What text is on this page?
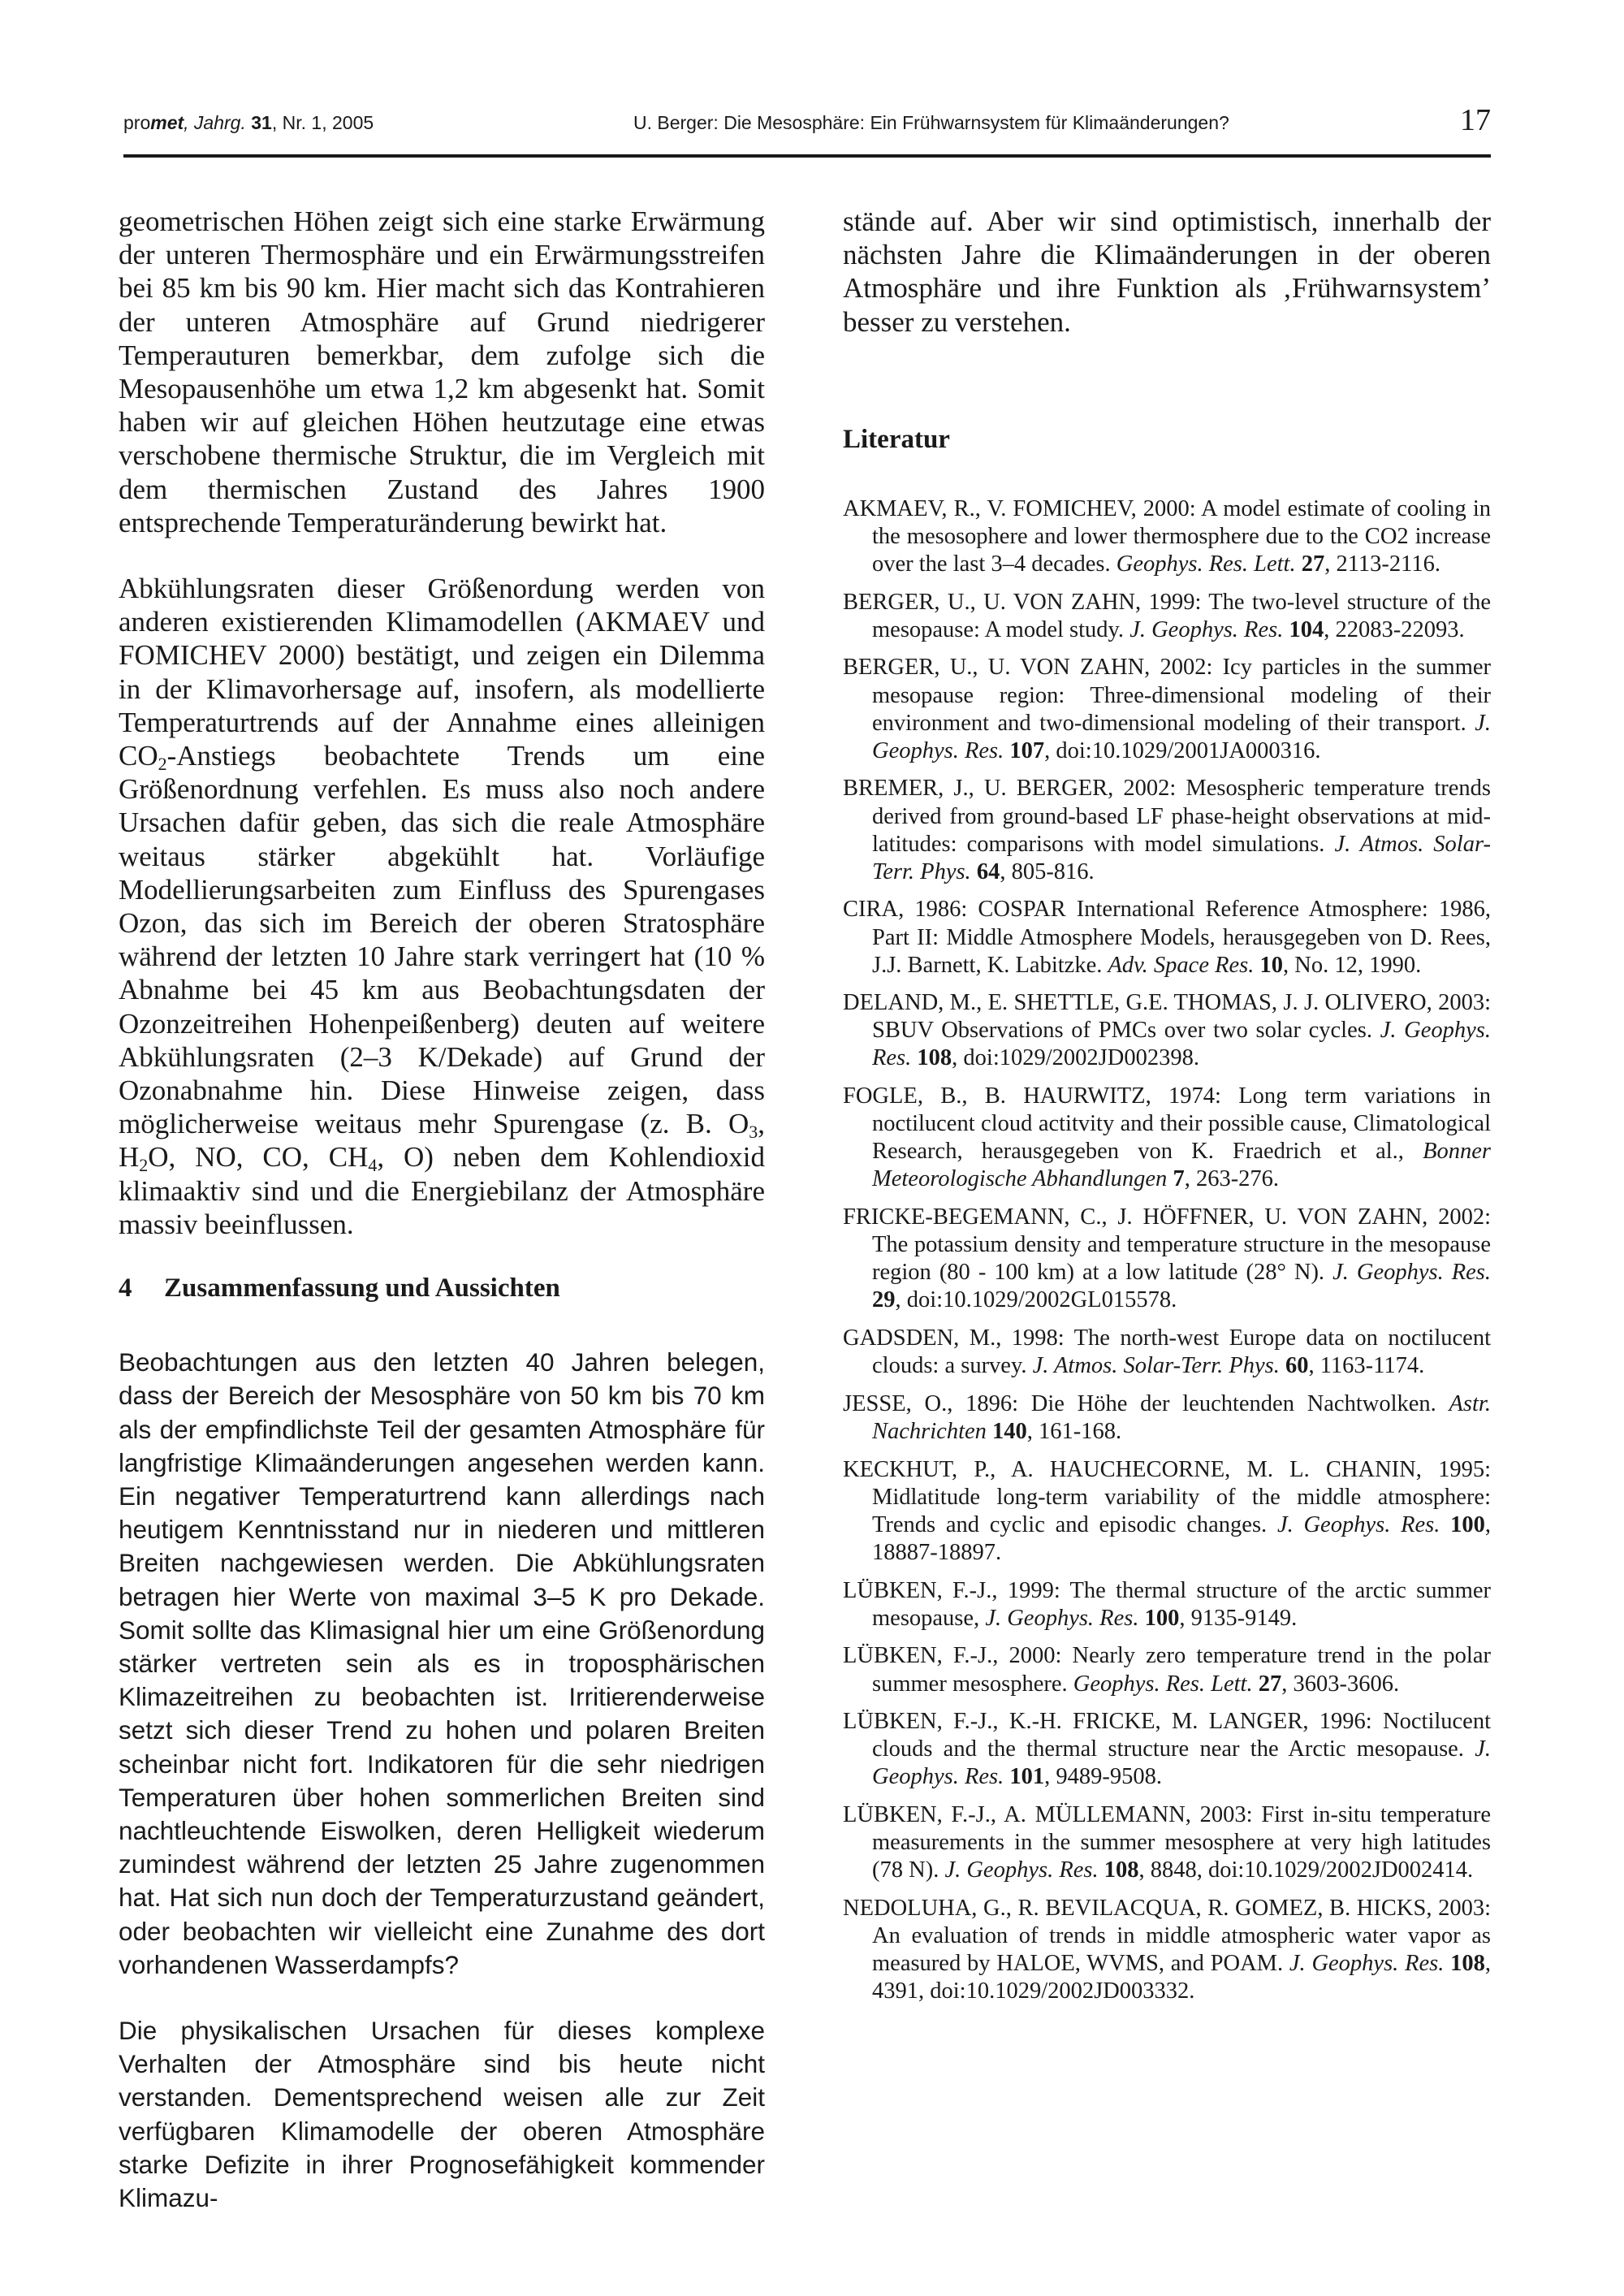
promet, Jahrg. 31, Nr. 1, 2005	U. Berger: Die Mesosphäre: Ein Frühwarnsystem für Klimaänderungen?	17

geometrischen Höhen zeigt sich eine starke Erwärmung der unteren Thermosphäre und ein Erwärmungsstreifen bei 85 km bis 90 km. Hier macht sich das Kontrahieren der unteren Atmosphäre auf Grund niedrigerer Temperauturen bemerkbar, dem zufolge sich die Mesopausenhöhe um etwa 1,2 km abgesenkt hat. Somit haben wir auf gleichen Höhen heutzutage eine etwas verschobene thermische Struktur, die im Vergleich mit dem thermischen Zustand des Jahres 1900 entsprechende Temperaturänderung bewirkt hat.

Abkühlungsraten dieser Größenordung werden von anderen existierenden Klimamodellen (AKMAEV und FOMICHEV 2000) bestätigt, und zeigen ein Dilemma in der Klimavorhersage auf, insofern, als modellierte Temperaturtrends auf der Annahme eines alleinigen $CO_2$-Anstiegs beobachtete Trends um eine Größenordnung verfehlen. Es muss also noch andere Ursachen dafür geben, das sich die reale Atmosphäre weitaus stärker abgekühlt hat. Vorläufige Modellierungsarbeiten zum Einfluss des Spurengases Ozon, das sich im Bereich der oberen Stratosphäre während der letzten 10 Jahre stark verringert hat (10 % Abnahme bei 45 km aus Beobachtungsdaten der Ozonzeitreihen Hohenpeißenberg) deuten auf weitere Abkühlungsraten (2–3 K/Dekade) auf Grund der Ozonabnahme hin. Diese Hinweise zeigen, dass möglicherweise weitaus mehr Spurengase (z. B. $O_3$, $H_2O$, NO, CO, $CH_4$, O) neben dem Kohlendioxid klimaaktiv sind und die Energiebilanz der Atmosphäre massiv beeinflussen.

4 Zusammenfassung und Aussichten

Beobachtungen aus den letzten 40 Jahren belegen, dass der Bereich der Mesosphäre von 50 km bis 70 km als der empfindlichste Teil der gesamten Atmosphäre für langfristige Klimaänderungen angesehen werden kann. Ein negativer Temperaturtrend kann allerdings nach heutigem Kenntnisstand nur in niederen und mittleren Breiten nachgewiesen werden. Die Abkühlungsraten betragen hier Werte von maximal 3–5 K pro Dekade. Somit sollte das Klimasignal hier um eine Größenordung stärker vertreten sein als es in troposphärischen Klimazeitreihen zu beobachten ist. Irritierenderweise setzt sich dieser Trend zu hohen und polaren Breiten scheinbar nicht fort. Indikatoren für die sehr niedrigen Temperaturen über hohen sommerlichen Breiten sind nachtleuchtende Eiswolken, deren Helligkeit wiederum zumindest während der letzten 25 Jahre zugenommen hat. Hat sich nun doch der Temperaturzustand geändert, oder beobachten wir vielleicht eine Zunahme des dort vorhandenen Wasserdampfs?

Die physikalischen Ursachen für dieses komplexe Verhalten der Atmosphäre sind bis heute nicht verstanden. Dementsprechend weisen alle zur Zeit verfügbaren Klimamodelle der oberen Atmosphäre starke Defizite in ihrer Prognosefähigkeit kommender Klimazu-

stände auf. Aber wir sind optimistisch, innerhalb der nächsten Jahre die Klimaänderungen in der oberen Atmosphäre und ihre Funktion als ‚Frühwarnsystem’ besser zu verstehen.

Literatur

AKMAEV, R., V. FOMICHEV, 2000: A model estimate of cooling in the mesosophere and lower thermosphere due to the CO2 increase over the last 3–4 decades. Geophys. Res. Lett. 27, 2113-2116.

BERGER, U., U. VON ZAHN, 1999: The two-level structure of the mesopause: A model study. J. Geophys. Res. 104, 22083-22093.

BERGER, U., U. VON ZAHN, 2002: Icy particles in the summer mesopause region: Three-dimensional modeling of their environment and two-dimensional modeling of their transport. J. Geophys. Res. 107, doi:10.1029/2001JA000316.

BREMER, J., U. BERGER, 2002: Mesospheric temperature trends derived from ground-based LF phase-height observations at mid-latitudes: comparisons with model simulations. J. Atmos. Solar-Terr. Phys. 64, 805-816.

CIRA, 1986: COSPAR International Reference Atmosphere: 1986, Part II: Middle Atmosphere Models, herausgegeben von D. Rees, J.J. Barnett, K. Labitzke. Adv. Space Res. 10, No. 12, 1990.

DELAND, M., E. SHETTLE, G.E. THOMAS, J. J. OLIVERO, 2003: SBUV Observations of PMCs over two solar cycles. J. Geophys. Res. 108, doi:1029/2002JD002398.

FOGLE, B., B. HAURWITZ, 1974: Long term variations in noctilucent cloud actitvity and their possible cause, Climatological Research, herausgegeben von K. Fraedrich et al., Bonner Meteorologische Abhandlungen 7, 263-276.

FRICKE-BEGEMANN, C., J. HÖFFNER, U. VON ZAHN, 2002: The potassium density and temperature structure in the mesopause region (80 - 100 km) at a low latitude (28° N). J. Geophys. Res. 29, doi:10.1029/2002GL015578.

GADSDEN, M., 1998: The north-west Europe data on noctilucent clouds: a survey. J. Atmos. Solar-Terr. Phys. 60, 1163-1174.

JESSE, O., 1896: Die Höhe der leuchtenden Nachtwolken. Astr. Nachrichten 140, 161-168.

KECKHUT, P., A. HAUCHECORNE, M. L. CHANIN, 1995: Midlatitude long-term variability of the middle atmosphere: Trends and cyclic and episodic changes. J. Geophys. Res. 100, 18887-18897.

LÜBKEN, F.-J., 1999: The thermal structure of the arctic summer mesopause, J. Geophys. Res. 100, 9135-9149.

LÜBKEN, F.-J., 2000: Nearly zero temperature trend in the polar summer mesosphere. Geophys. Res. Lett. 27, 3603-3606.

LÜBKEN, F.-J., K.-H. FRICKE, M. LANGER, 1996: Noctilucent clouds and the thermal structure near the Arctic mesopause. J. Geophys. Res. 101, 9489-9508.

LÜBKEN, F.-J., A. MÜLLEMANN, 2003: First in-situ temperature measurements in the summer mesosphere at very high latitudes (78 N). J. Geophys. Res. 108, 8848, doi:10.1029/2002JD002414.

NEDOLUHA, G., R. BEVILACQUA, R. GOMEZ, B. HICKS, 2003: An evaluation of trends in middle atmospheric water vapor as measured by HALOE, WVMS, and POAM. J. Geophys. Res. 108, 4391, doi:10.1029/2002JD003332.
